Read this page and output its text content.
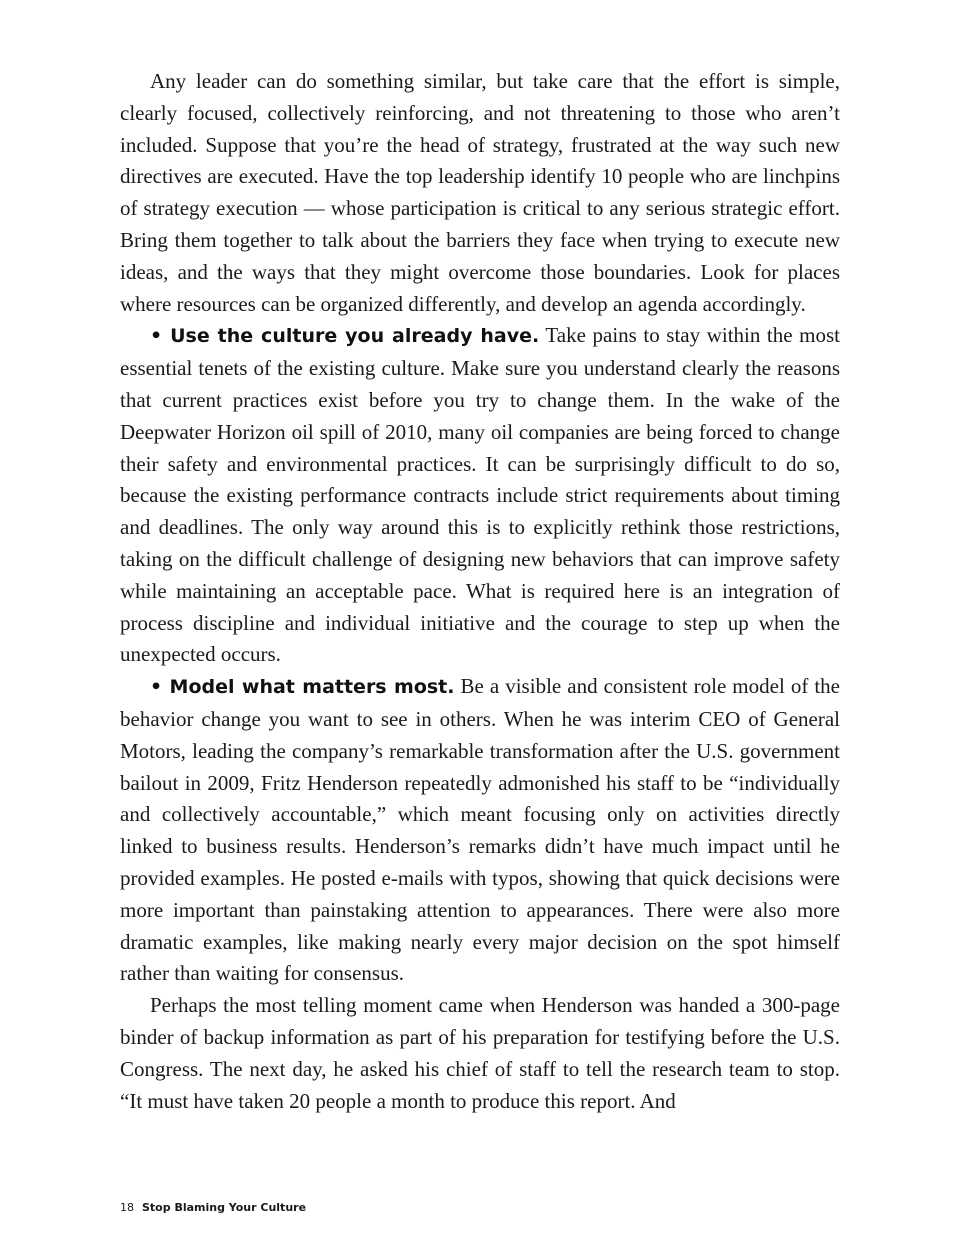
Any leader can do something similar, but take care that the effort is simple, clearly focused, collectively reinforcing, and not threatening to those who aren’t included. Suppose that you’re the head of strategy, frustrated at the way such new directives are executed. Have the top leadership identify 10 people who are linchpins of strategy execution — whose participation is critical to any serious strategic effort. Bring them together to talk about the barriers they face when trying to execute new ideas, and the ways that they might overcome those boundaries. Look for places where resources can be organized differently, and develop an agenda accordingly.

• Use the culture you already have. Take pains to stay within the most essential tenets of the existing culture. Make sure you understand clearly the reasons that current practices exist before you try to change them. In the wake of the Deepwater Horizon oil spill of 2010, many oil companies are being forced to change their safety and environmental practices. It can be surprisingly difficult to do so, because the existing performance contracts include strict requirements about timing and deadlines. The only way around this is to explicitly rethink those restrictions, taking on the difficult challenge of designing new behaviors that can improve safety while maintaining an acceptable pace. What is required here is an integration of process discipline and individual initiative and the courage to step up when the unexpected occurs.

• Model what matters most. Be a visible and consistent role model of the behavior change you want to see in others. When he was interim CEO of General Motors, leading the company’s remarkable transformation after the U.S. government bailout in 2009, Fritz Henderson repeatedly admonished his staff to be “individually and collectively accountable,” which meant focusing only on activities directly linked to business results. Henderson’s remarks didn’t have much impact until he provided examples. He posted e-mails with typos, showing that quick decisions were more important than painstaking attention to appearances. There were also more dramatic examples, like making nearly every major decision on the spot himself rather than waiting for consensus.

Perhaps the most telling moment came when Henderson was handed a 300-page binder of backup information as part of his preparation for testifying before the U.S. Congress. The next day, he asked his chief of staff to tell the research team to stop. “It must have taken 20 people a month to produce this report. And

18 Stop Blaming Your Culture
